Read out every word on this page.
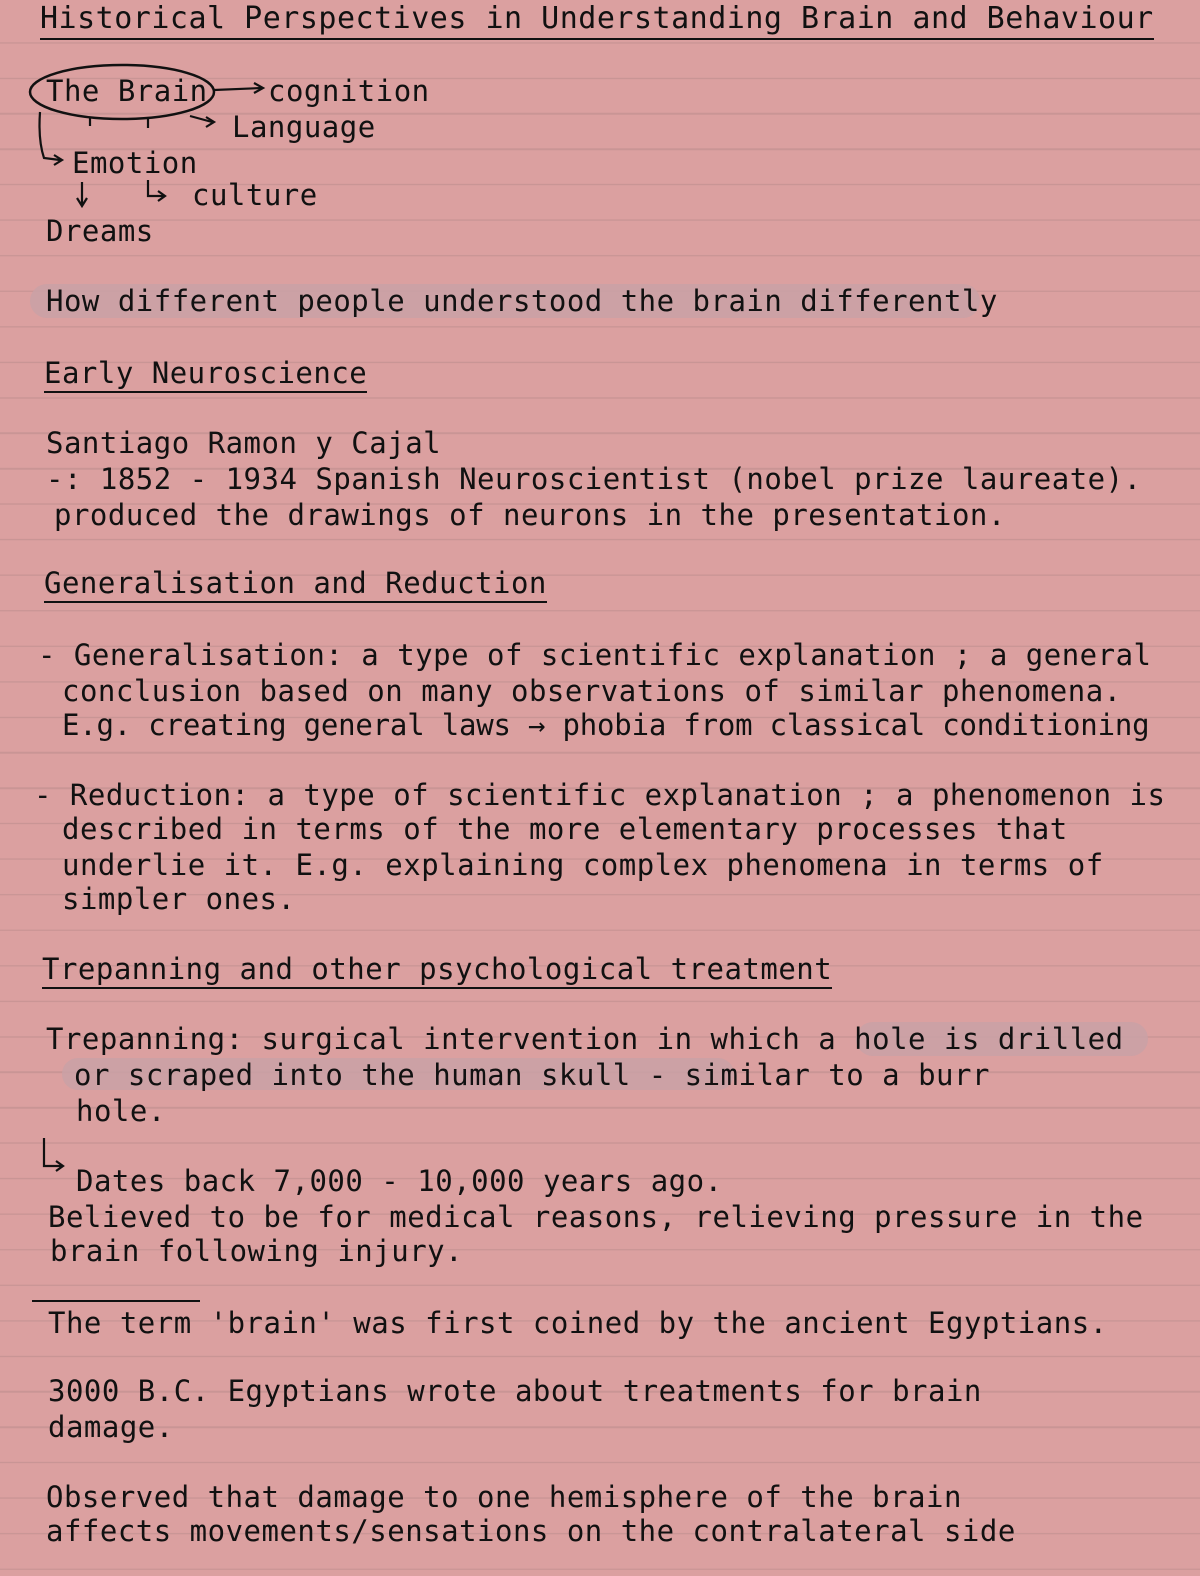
Historical Perspectives in Understanding Brain and Behaviour
The Brain cognition
Language
Emotion
culture
Dreams
How different people understood the brain differently
Early Neuroscience
Santiago Ramon y Cajal
-: 1852 - 1934 Spanish Neuroscientist (nobel prize laureate).
produced the drawings of neurons in the presentation.
Generalisation and Reduction
- Generalisation: a type of scientific explanation ; a general
conclusion based on many observations of similar phenomena.
E.g. creating general laws → phobia from classical conditioning
- Reduction: a type of scientific explanation ; a phenomenon is
described in terms of the more elementary processes that
underlie it. E.g. explaining complex phenomena in terms of
simpler ones.
Trepanning and other psychological treatment
Trepanning: surgical intervention in which a hole is drilled
or scraped into the human skull - similar to a burr
hole.
Dates back 7,000 - 10,000 years ago.
Believed to be for medical reasons, relieving pressure in the
brain following injury.
The term 'brain' was first coined by the ancient Egyptians.
3000 B.C. Egyptians wrote about treatments for brain
damage.
Observed that damage to one hemisphere of the brain
affects movements/sensations on the contralateral side
